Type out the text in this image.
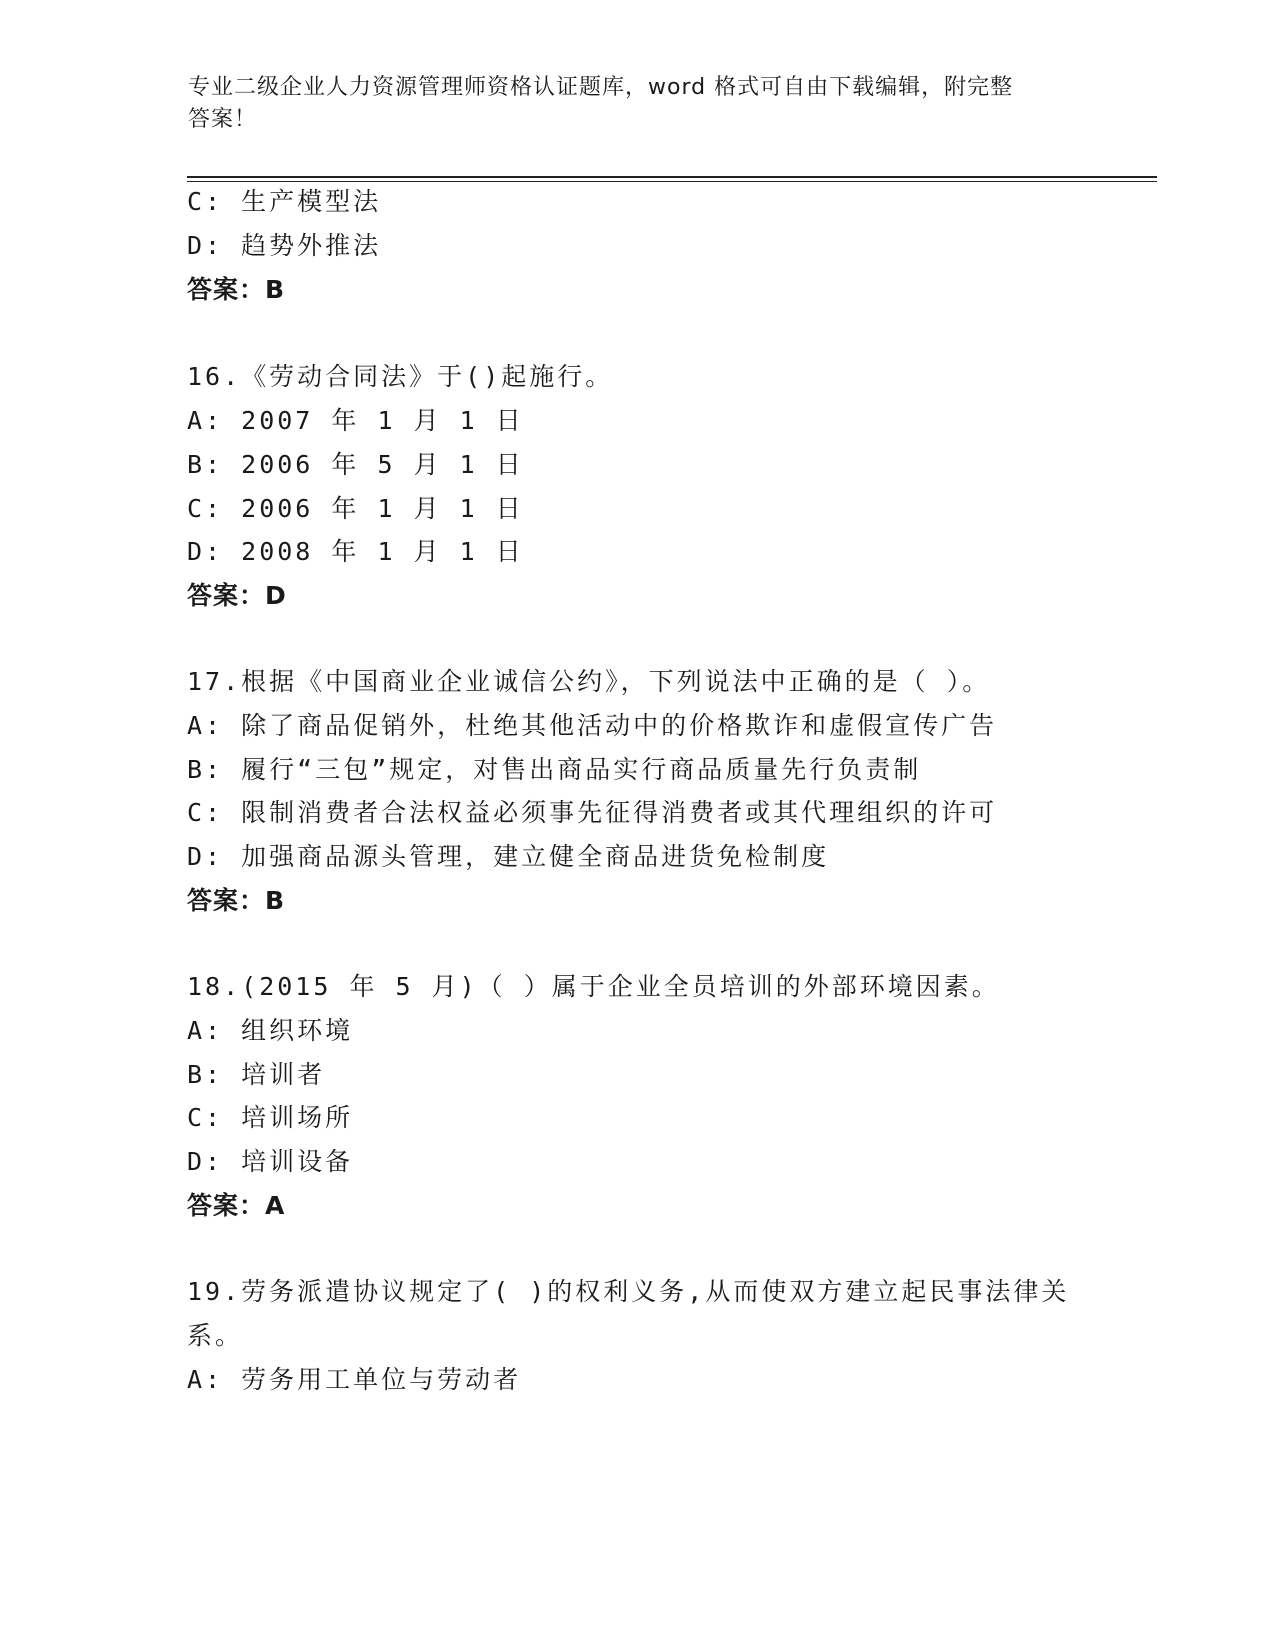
专业二级企业人力资源管理师资格认证题库，word 格式可自由下载编辑，附完整
答案！
C: 生产模型法
D: 趋势外推法
答案：B
16.《劳动合同法》于()起施行。
A: 2007 年 1 月 1 日
B: 2006 年 5 月 1 日
C: 2006 年 1 月 1 日
D: 2008 年 1 月 1 日
答案：D
17.根据《中国商业企业诚信公约》，下列说法中正确的是（ ）。
A: 除了商品促销外，杜绝其他活动中的价格欺诈和虚假宣传广告
B: 履行“三包”规定，对售出商品实行商品质量先行负责制
C: 限制消费者合法权益必须事先征得消费者或其代理组织的许可
D: 加强商品源头管理，建立健全商品进货免检制度
答案：B
18.(2015 年 5 月)（ ）属于企业全员培训的外部环境因素。
A: 组织环境
B: 培训者
C: 培训场所
D: 培训设备
答案：A
19.劳务派遣协议规定了( )的权利义务,从而使双方建立起民事法律关
系。
A: 劳务用工单位与劳动者
